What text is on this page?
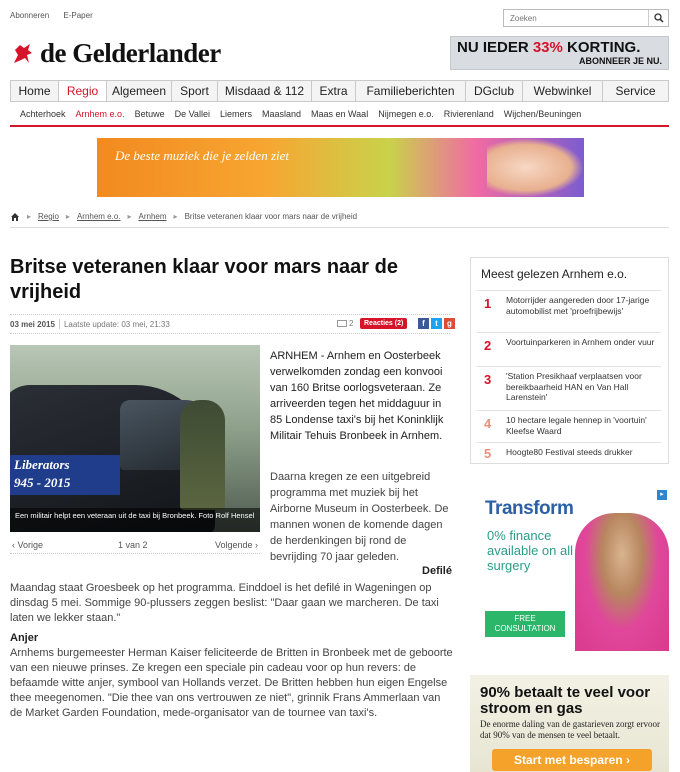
Abonneren E-Paper
Zoeken
de Gelderlander	NU IEDER 33% KORTING.
ABONNEER JE NU.
Home	Regio	Algemeen	Sport	Misdaad & 112	Extra	Familieberichten	DGclub	Webwinkel	Service
Achterhoek Arnhem e.o. Betuwe De Vallei Liemers Maasland Maas en Waal Nijmegen e.o. Rivierenland Wijchen/Beuningen
De beste muziek die je zelden ziet
▸ Regio ▸ Arnhem e.o. ▸ Arnhem ▸ Britse veteranen klaar voor mars naar de vrijheid
Britse veteranen klaar voor mars naar de vrijheid
03 mei 2015 Laatste update: 03 mei, 21:33	2	Reacties (2)	f	t	g
Liberators
945 - 2015
Een militair helpt een veteraan uit de taxi bij Bronbeek. Foto Rolf Hensel
‹ Vorige	1 van 2	Volgende ›

ARNHEM - Arnhem en Oosterbeek verwelkomden zondag een konvooi van 160 Britse oorlogsveteraan. Ze arriveerden tegen het middaguur in 85 Londense taxi's bij het Koninklijk Militair Tehuis Bronbeek in Arnhem.

Daarna kregen ze een uitgebreid programma met muziek bij het Airborne Museum in Oosterbeek. De mannen wonen de komende dagen de herdenkingen bij rond de bevrijding 70 jaar geleden.

Defilé

Maandag staat Groesbeek op het programma. Einddoel is het defilé in Wageningen op dinsdag 5 mei. Sommige 90-plussers zeggen beslist: "Daar gaan we marcheren. De taxi laten we lekker staan."

Anjer

Arnhems burgemeester Herman Kaiser feliciteerde de Britten in Bronbeek met de geboorte van een nieuwe prinses. Ze kregen een speciale pin cadeau voor op hun revers: de befaamde witte anjer, symbool van Hollands verzet. De Britten hebben hun eigen Engelse thee meegenomen. "Die thee van ons vertrouwen ze niet", grinnik Frans Ammerlaan van de Market Garden Foundation, mede-organisator van de tournee van taxi's.

Meest gelezen Arnhem e.o.
1 Motorrijder aangereden door 17-jarige automobilist met 'proefrijbewijs'
2 Voortuinparkeren in Arnhem onder vuur
3 'Station Presikhaaf verplaatsen voor bereikbaarheid HAN en Van Hall Larenstein'
4 10 hectare legale hennep in 'voortuin' Kleefse Waard
5 Hoogte80 Festival steeds drukker
Transform
0% finance available on all surgery
FREE CONSULTATION
▸
90% betaalt te veel voor stroom en gas
De enorme daling van de gastarieven zorgt ervoor dat 90% van de mensen te veel betaalt.
Start met besparen ›
